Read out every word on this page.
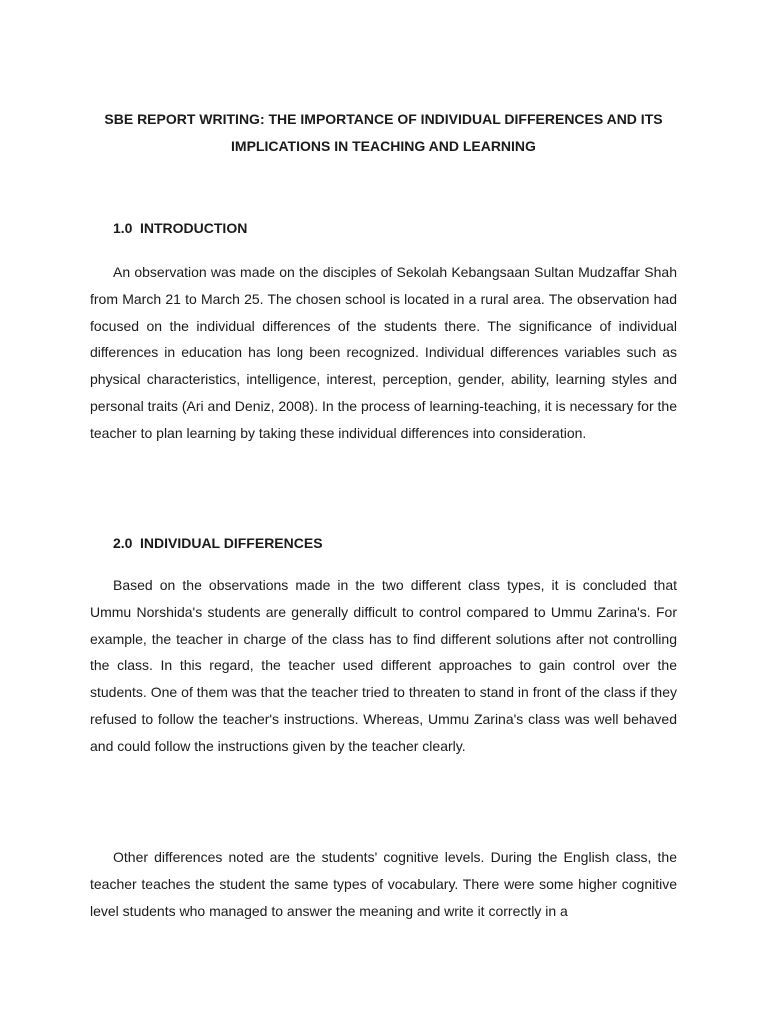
SBE REPORT WRITING: THE IMPORTANCE OF INDIVIDUAL DIFFERENCES AND ITS IMPLICATIONS IN TEACHING AND LEARNING
1.0 INTRODUCTION

An observation was made on the disciples of Sekolah Kebangsaan Sultan Mudzaffar Shah from March 21 to March 25. The chosen school is located in a rural area. The observation had focused on the individual differences of the students there. The significance of individual differences in education has long been recognized. Individual differences variables such as physical characteristics, intelligence, interest, perception, gender, ability, learning styles and personal traits (Ari and Deniz, 2008). In the process of learning-teaching, it is necessary for the teacher to plan learning by taking these individual differences into consideration.

2.0 INDIVIDUAL DIFFERENCES

Based on the observations made in the two different class types, it is concluded that Ummu Norshida's students are generally difficult to control compared to Ummu Zarina's. For example, the teacher in charge of the class has to find different solutions after not controlling the class. In this regard, the teacher used different approaches to gain control over the students. One of them was that the teacher tried to threaten to stand in front of the class if they refused to follow the teacher's instructions. Whereas, Ummu Zarina's class was well behaved and could follow the instructions given by the teacher clearly.

Other differences noted are the students' cognitive levels. During the English class, the teacher teaches the student the same types of vocabulary. There were some higher cognitive level students who managed to answer the meaning and write it correctly in a
